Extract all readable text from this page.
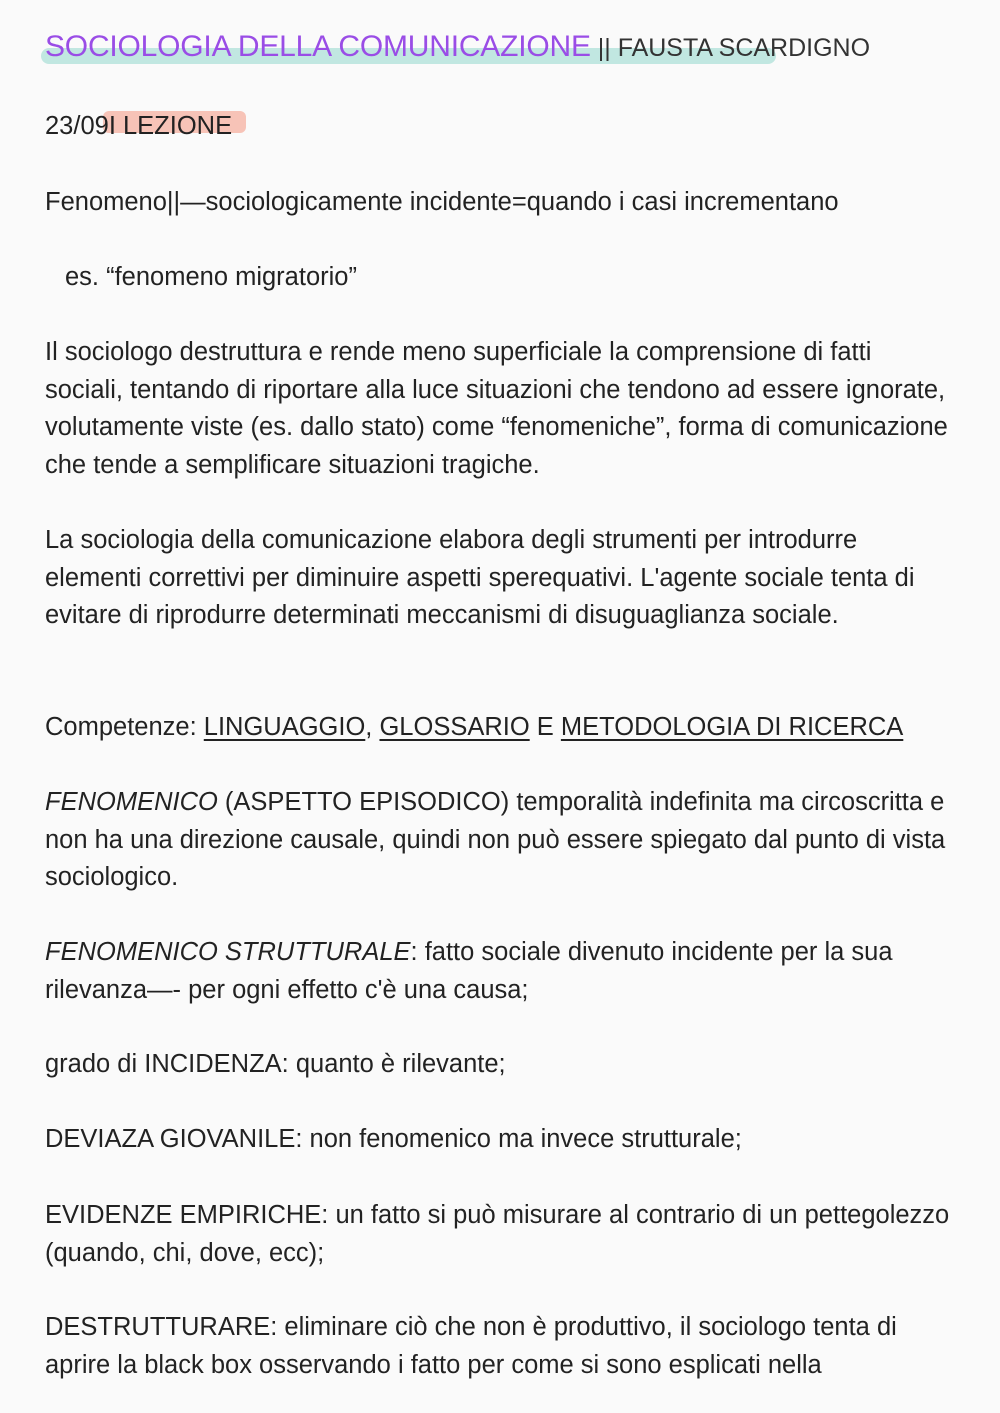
SOCIOLOGIA DELLA COMUNICAZIONE || FAUSTA SCARDIGNO
23/09I LEZIONE

Fenomeno||—sociologicamente incidente=quando i casi incrementano

es. “fenomeno migratorio”

Il sociologo destruttura e rende meno superficiale la comprensione di fatti sociali, tentando di riportare alla luce situazioni che tendono ad essere ignorate, volutamente viste (es. dallo stato) come “fenomeniche”, forma di comunicazione che tende a semplificare situazioni tragiche.

La sociologia della comunicazione elabora degli strumenti per introdurre elementi correttivi per diminuire aspetti sperequativi. L'agente sociale tenta di evitare di riprodurre determinati meccanismi di disuguaglianza sociale.

Competenze: LINGUAGGIO, GLOSSARIO E METODOLOGIA DI RICERCA

FENOMENICO (ASPETTO EPISODICO) temporalità indefinita ma circoscritta e non ha una direzione causale, quindi non può essere spiegato dal punto di vista sociologico.

FENOMENICO STRUTTURALE: fatto sociale divenuto incidente per la sua rilevanza—- per ogni effetto c'è una causa;

grado di INCIDENZA: quanto è rilevante;

DEVIAZA GIOVANILE: non fenomenico ma invece strutturale;

EVIDENZE EMPIRICHE: un fatto si può misurare al contrario di un pettegolezzo (quando, chi, dove, ecc);

DESTRUTTURARE: eliminare ciò che non è produttivo, il sociologo tenta di aprire la black box osservando i fatto per come si sono esplicati nella
